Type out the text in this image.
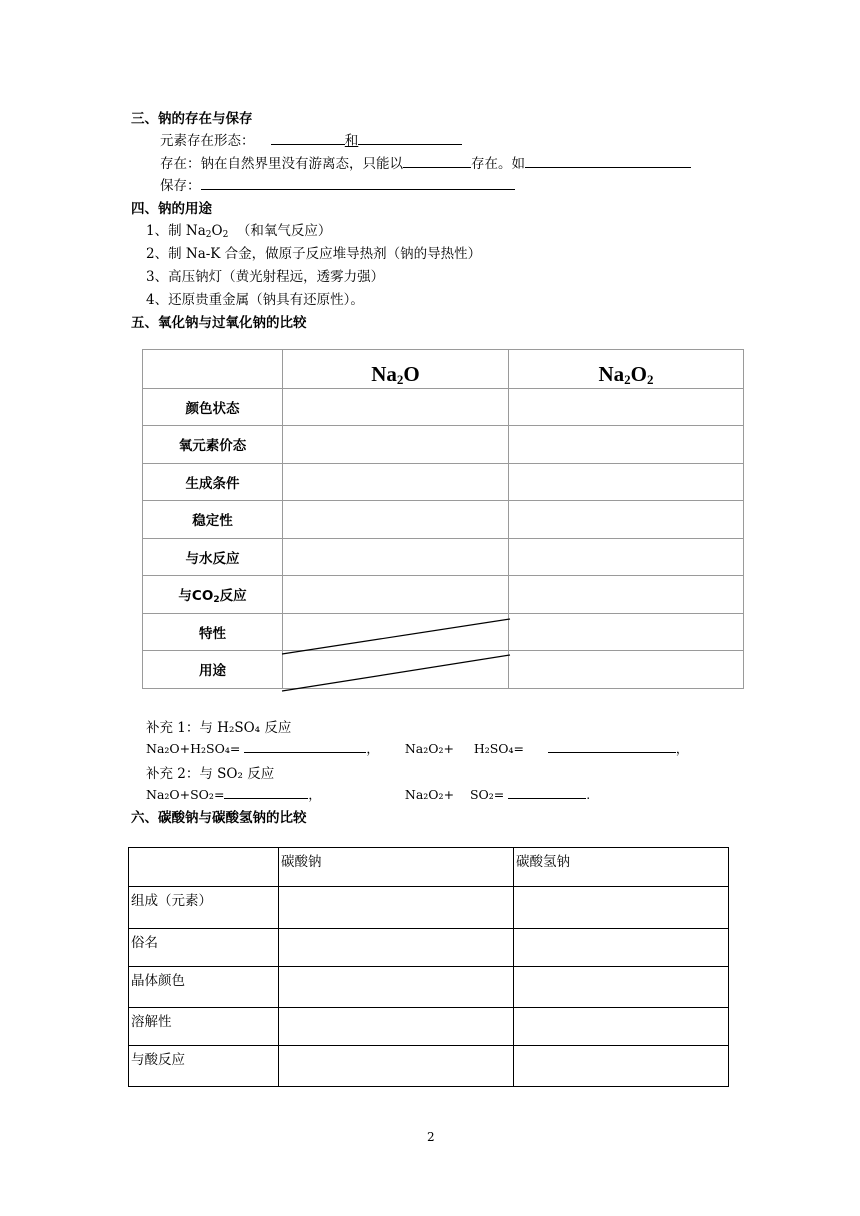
三、钠的存在与保存
元素存在形态：	和
存在：钠在自然界里没有游离态，只能以	存在。如
保存：
四、钠的用途
1、制 $Na_2O_2$ （和氧气反应）
2、制 Na-K 合金，做原子反应堆导热剂（钠的导热性）
3、高压钠灯（黄光射程远，透雾力强）
4、还原贵重金属（钠具有还原性）。
五、氧化钠与过氧化钠的比较
	$Na_2O$	$Na_2O_2$
颜色状态		
氧元素价态		
生成条件		
稳定性		
与水反应		
与$CO_2$反应		
特性		
用途		
补充 1：与 H₂SO₄ 反应
Na₂O+H₂SO₄=	， Na₂O₂+ H₂SO₄=	，
补充 2：与 SO₂ 反应
Na₂O+SO₂=	，	Na₂O₂+ SO₂=	.
六、碳酸钠与碳酸氢钠的比较
	碳酸钠	碳酸氢钠
组成（元素）		
俗名		
晶体颜色		
溶解性		
与酸反应		
2
